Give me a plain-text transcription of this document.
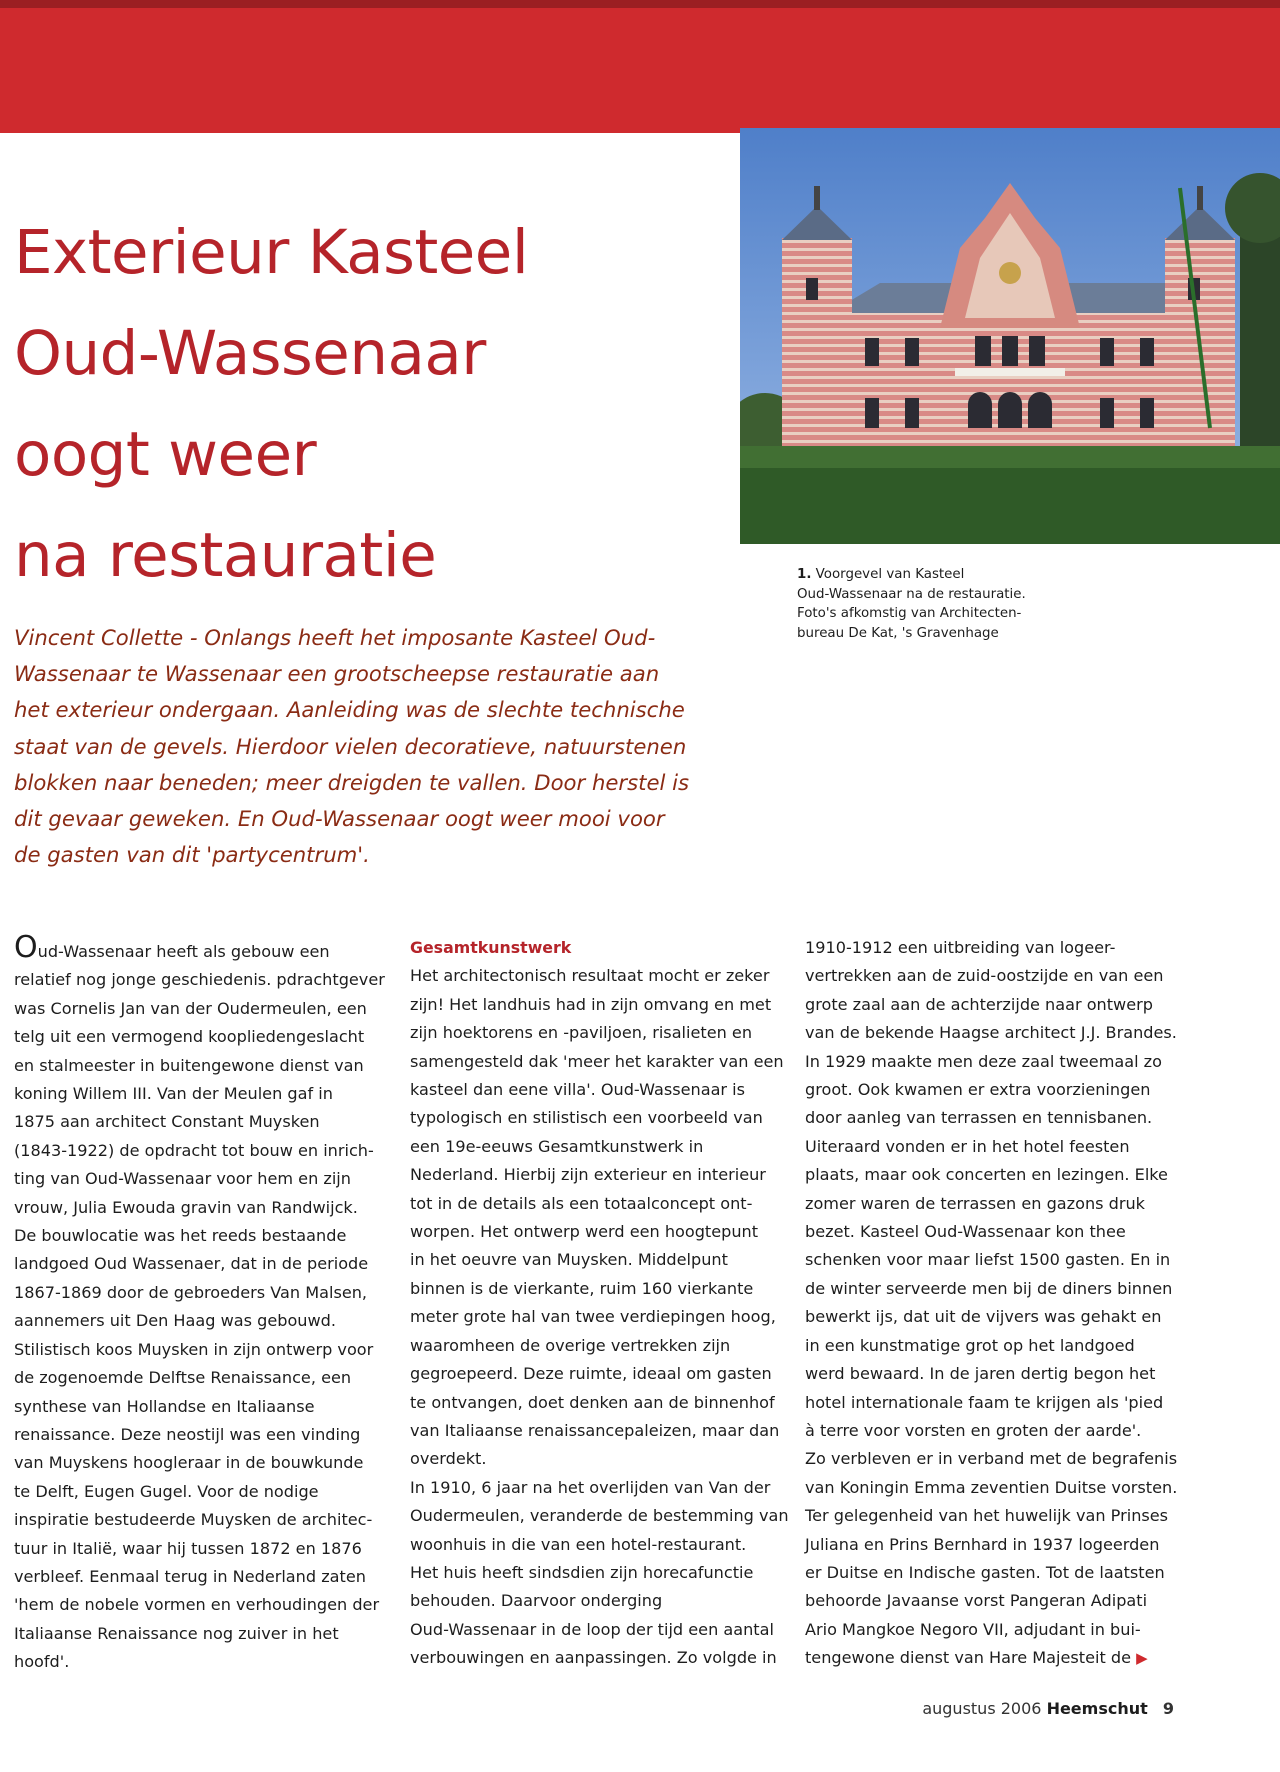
Exterieur Kasteel
Oud-Wassenaar
oogt weer
na restauratie	1. Voorgevel van Kasteel
Oud-Wassenaar na de restauratie.
Foto's afkomstig van Architecten-
bureau De Kat, 's Gravenhage
Vincent Collette - Onlangs heeft het imposante Kasteel Oud-
Wassenaar te Wassenaar een grootscheepse restauratie aan
het exterieur ondergaan. Aanleiding was de slechte technische
staat van de gevels. Hierdoor vielen decoratieve, natuurstenen
blokken naar beneden; meer dreigden te vallen. Door herstel is
dit gevaar geweken. En Oud-Wassenaar oogt weer mooi voor
de gasten van dit 'partycentrum'.
Oud-Wassenaar heeft als gebouw een
relatief nog jonge geschiedenis. pdrachtgever
was Cornelis Jan van der Oudermeulen, een
telg uit een vermogend koopliedengeslacht
en stalmeester in buitengewone dienst van
koning Willem III. Van der Meulen gaf in
1875 aan architect Constant Muysken
(1843-1922) de opdracht tot bouw en inrich-
ting van Oud-Wassenaar voor hem en zijn
vrouw, Julia Ewouda gravin van Randwijck.
De bouwlocatie was het reeds bestaande
landgoed Oud Wassenaer, dat in de periode
1867-1869 door de gebroeders Van Malsen,
aannemers uit Den Haag was gebouwd.
Stilistisch koos Muysken in zijn ontwerp voor
de zogenoemde Delftse Renaissance, een
synthese van Hollandse en Italiaanse
renaissance. Deze neostijl was een vinding
van Muyskens hoogleraar in de bouwkunde
te Delft, Eugen Gugel. Voor de nodige
inspiratie bestudeerde Muysken de architec-
tuur in Italië, waar hij tussen 1872 en 1876
verbleef. Eenmaal terug in Nederland zaten
'hem de nobele vormen en verhoudingen der
Italiaanse Renaissance nog zuiver in het
hoofd'.
Gesamtkunstwerk
Het architectonisch resultaat mocht er zeker
zijn! Het landhuis had in zijn omvang en met
zijn hoektorens en -paviljoen, risalieten en
samengesteld dak 'meer het karakter van een
kasteel dan eene villa'. Oud-Wassenaar is
typologisch en stilistisch een voorbeeld van
een 19e-eeuws Gesamtkunstwerk in
Nederland. Hierbij zijn exterieur en interieur
tot in de details als een totaalconcept ont-
worpen. Het ontwerp werd een hoogtepunt
in het oeuvre van Muysken. Middelpunt
binnen is de vierkante, ruim 160 vierkante
meter grote hal van twee verdiepingen hoog,
waaromheen de overige vertrekken zijn
gegroepeerd. Deze ruimte, ideaal om gasten
te ontvangen, doet denken aan de binnenhof
van Italiaanse renaissancepaleizen, maar dan
overdekt.
In 1910, 6 jaar na het overlijden van Van der
Oudermeulen, veranderde de bestemming van
woonhuis in die van een hotel-restaurant.
Het huis heeft sindsdien zijn horecafunctie
behouden. Daarvoor onderging
Oud-Wassenaar in de loop der tijd een aantal
verbouwingen en aanpassingen. Zo volgde in
1910-1912 een uitbreiding van logeer-
vertrekken aan de zuid-oostzijde en van een
grote zaal aan de achterzijde naar ontwerp
van de bekende Haagse architect J.J. Brandes.
In 1929 maakte men deze zaal tweemaal zo
groot. Ook kwamen er extra voorzieningen
door aanleg van terrassen en tennisbanen.
Uiteraard vonden er in het hotel feesten
plaats, maar ook concerten en lezingen. Elke
zomer waren de terrassen en gazons druk
bezet. Kasteel Oud-Wassenaar kon thee
schenken voor maar liefst 1500 gasten. En in
de winter serveerde men bij de diners binnen
bewerkt ijs, dat uit de vijvers was gehakt en
in een kunstmatige grot op het landgoed
werd bewaard. In de jaren dertig begon het
hotel internationale faam te krijgen als 'pied
à terre voor vorsten en groten der aarde'.
Zo verbleven er in verband met de begrafenis
van Koningin Emma zeventien Duitse vorsten.
Ter gelegenheid van het huwelijk van Prinses
Juliana en Prins Bernhard in 1937 logeerden
er Duitse en Indische gasten. Tot de laatsten
behoorde Javaanse vorst Pangeran Adipati
Ario Mangkoe Negoro VII, adjudant in bui-
tengewone dienst van Hare Majesteit de ▶
augustus 2006 Heemschut 9
